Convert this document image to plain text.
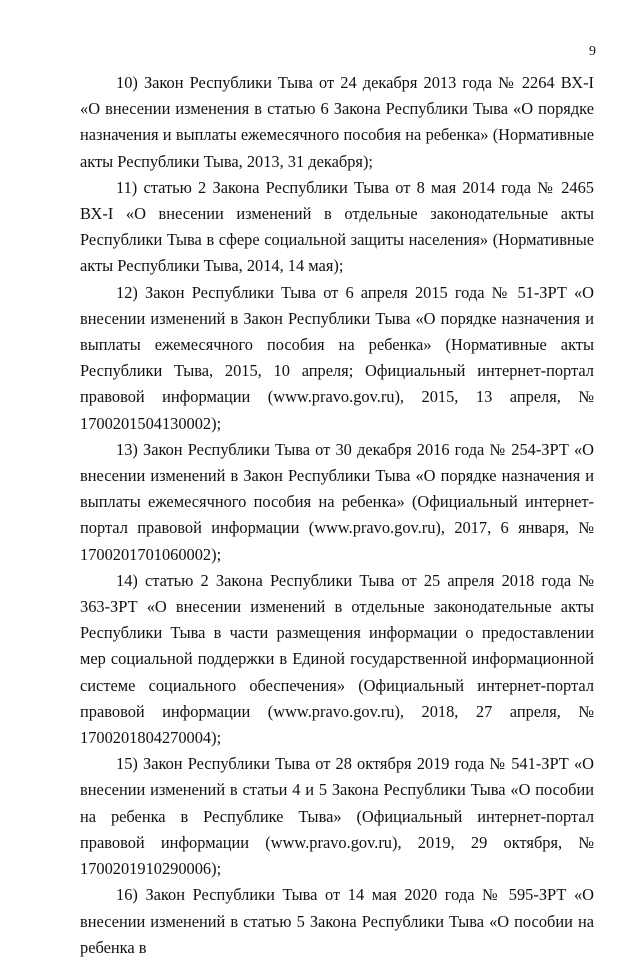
9

10) Закон Республики Тыва от 24 декабря 2013 года № 2264 ВХ-I «О внесении изменения в статью 6 Закона Республики Тыва «О порядке назначения и выплаты ежемесячного пособия на ребенка» (Нормативные акты Республики Тыва, 2013, 31 декабря);

11) статью 2 Закона Республики Тыва от 8 мая 2014 года № 2465 ВХ-I «О внесении изменений в отдельные законодательные акты Республики Тыва в сфере социальной защиты населения» (Нормативные акты Республики Тыва, 2014, 14 мая);

12) Закон Республики Тыва от 6 апреля 2015 года № 51-ЗРТ «О внесении изменений в Закон Республики Тыва «О порядке назначения и выплаты ежемесячного пособия на ребенка» (Нормативные акты Республики Тыва, 2015, 10 апреля; Официальный интернет-портал правовой информации (www.pravo.gov.ru), 2015, 13 апреля, № 1700201504130002);

13) Закон Республики Тыва от 30 декабря 2016 года № 254-ЗРТ «О внесении изменений в Закон Республики Тыва «О порядке назначения и выплаты ежемесячного пособия на ребенка» (Официальный интернет-портал правовой информации (www.pravo.gov.ru), 2017, 6 января, № 1700201701060002);

14) статью 2 Закона Республики Тыва от 25 апреля 2018 года № 363-ЗРТ «О внесении изменений в отдельные законодательные акты Республики Тыва в части размещения информации о предоставлении мер социальной поддержки в Единой государственной информационной системе социального обеспечения» (Официальный интернет-портал правовой информации (www.pravo.gov.ru), 2018, 27 апреля, № 1700201804270004);

15) Закон Республики Тыва от 28 октября 2019 года № 541-ЗРТ «О внесении изменений в статьи 4 и 5 Закона Республики Тыва «О пособии на ребенка в Республике Тыва» (Официальный интернет-портал правовой информации (www.pravo.gov.ru), 2019, 29 октября, № 1700201910290006);

16) Закон Республики Тыва от 14 мая 2020 года № 595-ЗРТ «О внесении изменений в статью 5 Закона Республики Тыва «О пособии на ребенка в
